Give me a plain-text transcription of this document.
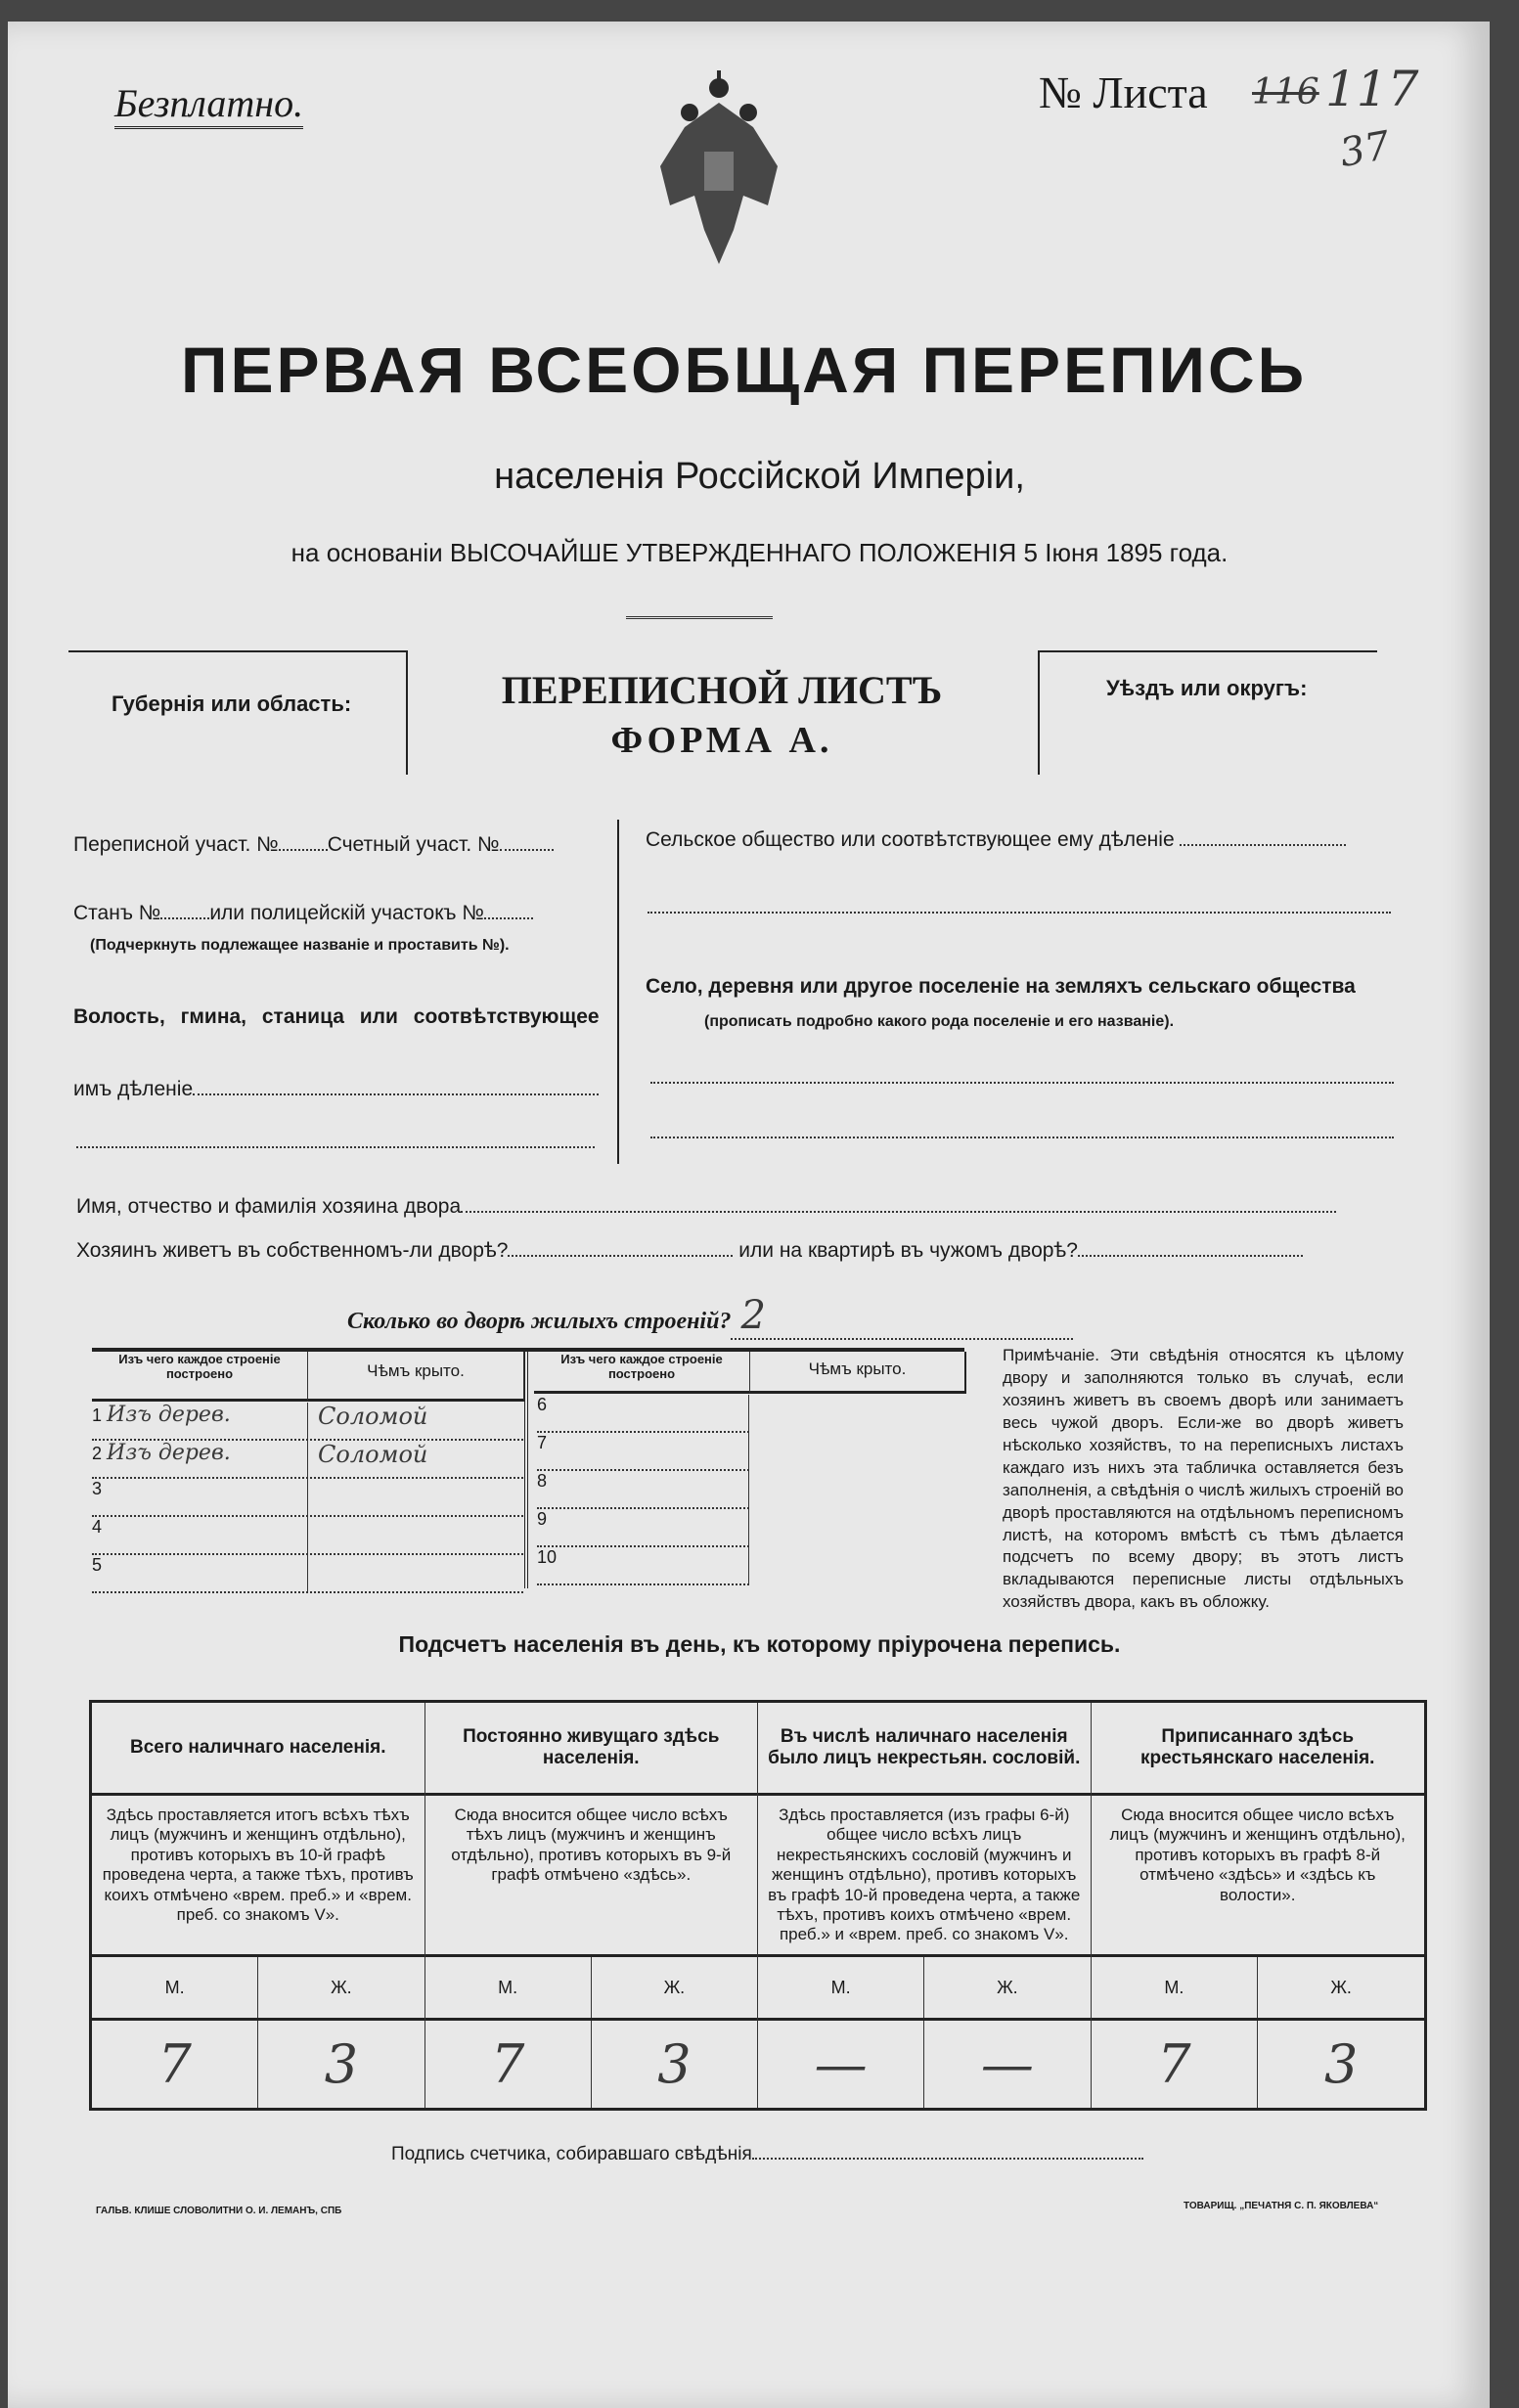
Безплатно.	№ Листа 116 117
37
ПЕРВАЯ ВСЕОБЩАЯ ПЕРЕПИСЬ
населенія Россійской Имперіи,
на основаніи ВЫСОЧАЙШЕ УТВЕРЖДЕННАГО ПОЛОЖЕНІЯ 5 Іюня 1895 года.
Губернія или область:	ПЕРЕПИСНОЙ ЛИСТЪ
ФОРМА А.
Уѣздъ или округъ:
Переписной участ. № Счетный участ. №
Станъ № или полицейскій участокъ №
(Подчеркнуть подлежащее названіе и проставить №).
Волость, гмина, станица или соотвѣтствующее
имъ дѣленіе
Сельское общество или соотвѣтствующее ему дѣленіе
Село, деревня или другое поселеніе на земляхъ сельскаго общества
(прописать подробно какого рода поселеніе и его названіе).
Имя, отчество и фамилія хозяина двора
Хозяинъ живетъ въ собственномъ-ли дворѣ?	или на квартирѣ въ чужомъ дворѣ?
Сколько во дворѣ жилыхъ строеній? 2
Изъ чего каждое строеніе построено	Чѣмъ крыто.
Изъ чего каждое строеніе построено	Чѣмъ крыто.
1 Изъ дерев.	Соломой
2 Изъ дерев.	Соломой
3
4
5
6
7
8
9
10
Примѣчаніе. Эти свѣдѣнія относятся къ цѣлому двору и заполняются только въ случаѣ, если хозяинъ живетъ въ своемъ дворѣ или занимаетъ весь чужой дворъ. Если-же во дворѣ живетъ нѣсколько хозяйствъ, то на переписныхъ листахъ каждаго изъ нихъ эта табличка оставляется безъ заполненія, а свѣдѣнія о числѣ жилыхъ строеній во дворѣ проставляются на отдѣльномъ переписномъ листѣ, на которомъ вмѣстѣ съ тѣмъ дѣлается подсчетъ по всему двору; въ этотъ листъ вкладываются переписные листы отдѣльныхъ хозяйствъ двора, какъ въ обложку.
Подсчетъ населенія въ день, къ которому пріурочена перепись.
Всего наличнаго населенія.
Здѣсь проставляется итогъ всѣхъ тѣхъ лицъ (мужчинъ и женщинъ отдѣльно), противъ которыхъ въ 10-й графѣ проведена черта, а также тѣхъ, противъ коихъ отмѣчено «врем. преб.» и «врем. преб. со знакомъ V».
М.	Ж.
7	3
Постоянно живущаго здѣсь населенія.
Сюда вносится общее число всѣхъ тѣхъ лицъ (мужчинъ и женщинъ отдѣльно), противъ которыхъ въ 9-й графѣ отмѣчено «здѣсь».
М.	Ж.
7	3
Въ числѣ наличнаго населенія было лицъ некрестьян. сословій.
Здѣсь проставляется (изъ графы 6-й) общее число всѣхъ лицъ некрестьянскихъ сословій (мужчинъ и женщинъ отдѣльно), противъ которыхъ въ графѣ 10-й проведена черта, а также тѣхъ, противъ коихъ отмѣчено «врем. преб.» и «врем. преб. со знакомъ V».
М.	Ж.
—	—
Приписаннаго здѣсь крестьянскаго населенія.
Сюда вносится общее число всѣхъ лицъ (мужчинъ и женщинъ отдѣльно), противъ которыхъ въ графѣ 8-й отмѣчено «здѣсь» и «здѣсь къ волости».
М.	Ж.
7	3
Подпись счетчика, собиравшаго свѣдѣнія
ГАЛЬВ. КЛИШЕ СЛОВОЛИТНИ О. И. ЛЕМАНЪ, СПБ	ТОВАРИЩ. „ПЕЧАТНЯ С. П. ЯКОВЛЕВА“
